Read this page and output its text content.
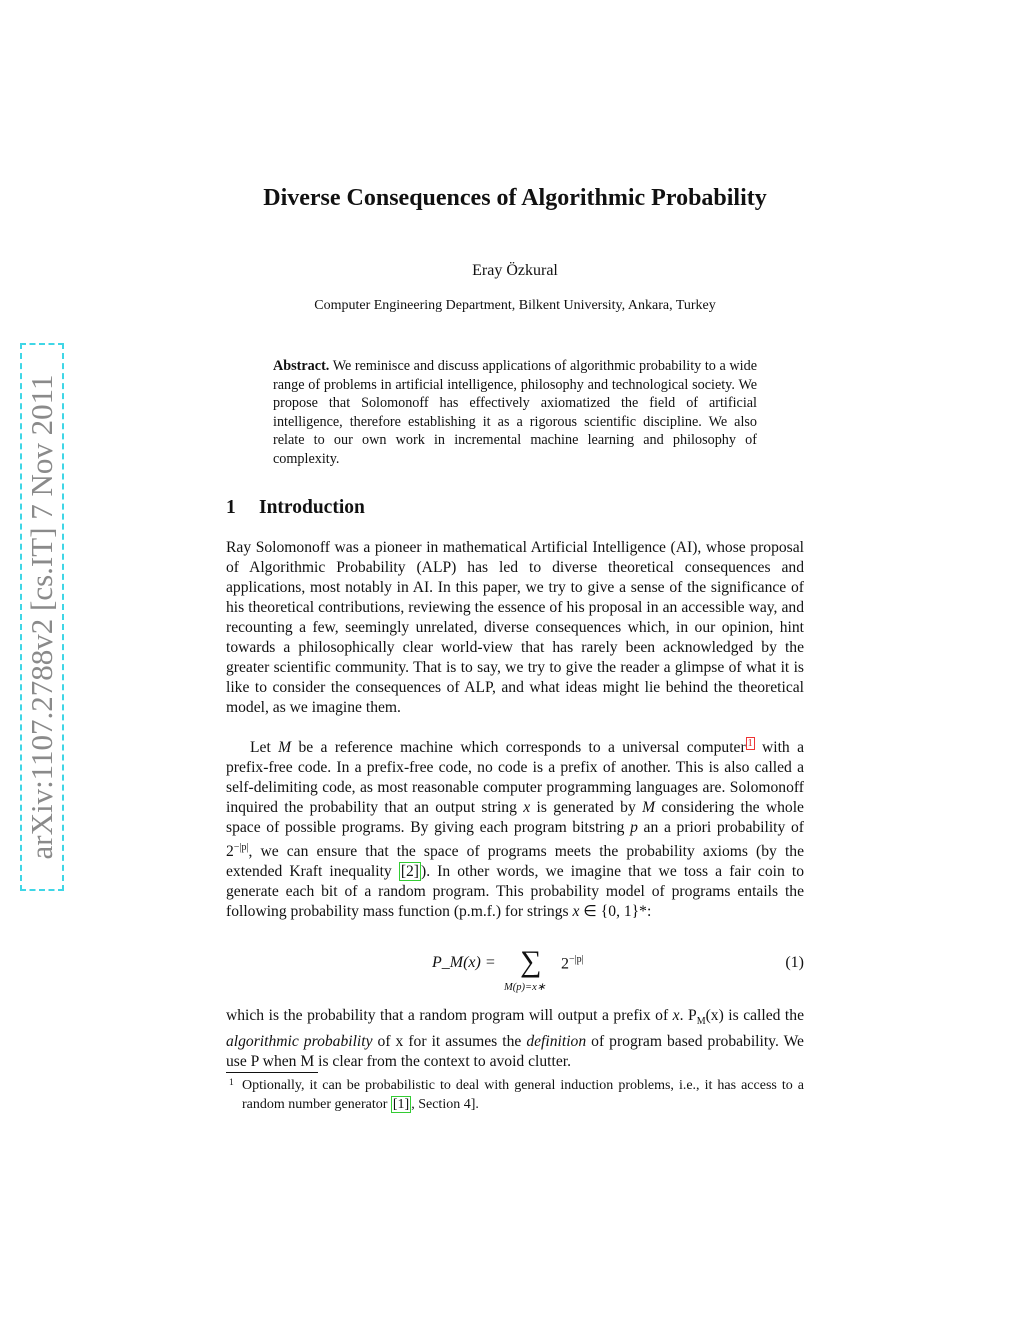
arXiv:1107.2788v2 [cs.IT] 7 Nov 2011
Diverse Consequences of Algorithmic Probability
Eray Özkural
Computer Engineering Department, Bilkent University, Ankara, Turkey
Abstract. We reminisce and discuss applications of algorithmic probability to a wide range of problems in artificial intelligence, philosophy and technological society. We propose that Solomonoff has effectively axiomatized the field of artificial intelligence, therefore establishing it as a rigorous scientific discipline. We also relate to our own work in incremental machine learning and philosophy of complexity.
1 Introduction
Ray Solomonoff was a pioneer in mathematical Artificial Intelligence (AI), whose proposal of Algorithmic Probability (ALP) has led to diverse theoretical consequences and applications, most notably in AI. In this paper, we try to give a sense of the significance of his theoretical contributions, reviewing the essence of his proposal in an accessible way, and recounting a few, seemingly unrelated, diverse consequences which, in our opinion, hint towards a philosophically clear world-view that has rarely been acknowledged by the greater scientific community. That is to say, we try to give the reader a glimpse of what it is like to consider the consequences of ALP, and what ideas might lie behind the theoretical model, as we imagine them.
Let M be a reference machine which corresponds to a universal computer $^1$ with a prefix-free code. In a prefix-free code, no code is a prefix of another. This is also called a self-delimiting code, as most reasonable computer programming languages are. Solomonoff inquired the probability that an output string x is generated by M considering the whole space of possible programs. By giving each program bitstring p an a priori probability of $2^{-|p|}$, we can ensure that the space of programs meets the probability axioms (by the extended Kraft inequality [2] ). In other words, we imagine that we toss a fair coin to generate each bit of a random program. This probability model of programs entails the following probability mass function (p.m.f.) for strings x ∈ {0, 1}*:
P_M(x) = ∑
M(p)=x∗
$2^{-|p|}$	(1)
which is the probability that a random program will output a prefix of x. $P_M(x)$ is called the algorithmic probability of x for it assumes the definition of program based probability. We use P when M is clear from the context to avoid clutter.
1 Optionally, it can be probabilistic to deal with general induction problems, i.e., it has access to a random number generator [1] , Section 4].
